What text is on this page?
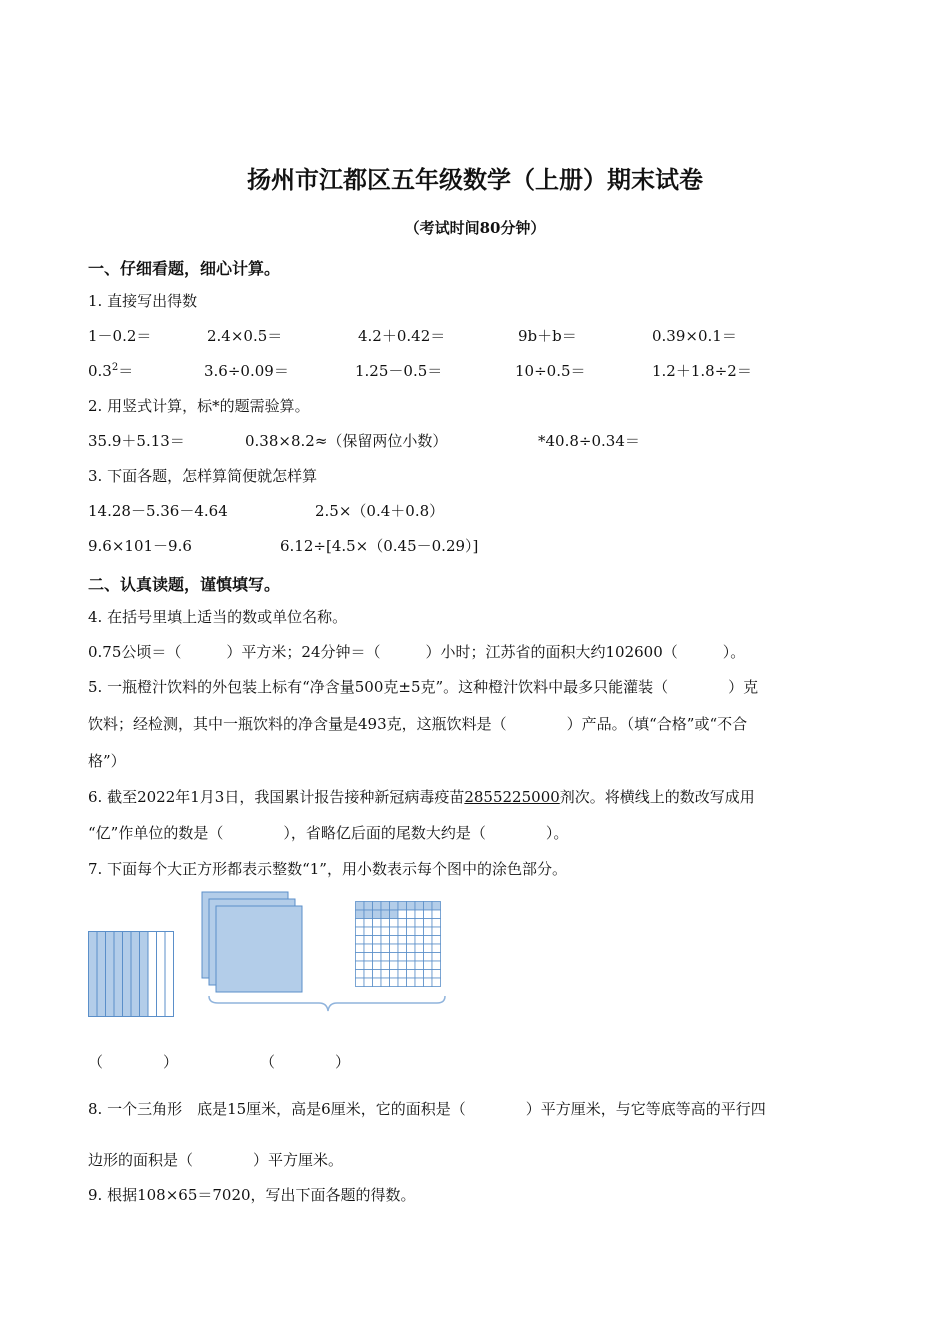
扬州市江都区五年级数学（上册）期末试卷
（考试时间80分钟）
一、仔细看题，细心计算。
1. 直接写出得数
1－0.2＝	2.4×0.5＝	4.2＋0.42＝	9b＋b＝	0.39×0.1＝
$0.3^2=$	3.6÷0.09＝	1.25－0.5＝	10÷0.5＝	1.2＋1.8÷2＝
2. 用竖式计算，标*的题需验算。
35.9＋5.13＝	0.38×8.2≈（保留两位小数）	*40.8÷0.34＝
3. 下面各题，怎样算简便就怎样算
14.28－5.36－4.64	2.5×（0.4＋0.8）
9.6×101－9.6	6.12÷[4.5×（0.45－0.29）]
二、认真读题，谨慎填写。
4. 在括号里填上适当的数或单位名称。
0.75公顷＝（　　　）平方米；24分钟＝（　　　）小时；江苏省的面积大约102600（　　　）。
5. 一瓶橙汁饮料的外包装上标有“净含量500克±5克”。这种橙汁饮料中最多只能灌装（　　　　）克
饮料；经检测，其中一瓶饮料的净含量是493克，这瓶饮料是（　　　　）产品。（填“合格”或“不合
格”）
6. 截至2022年1月3日，我国累计报告接种新冠病毒疫苗2855225000剂次。将横线上的数改写成用
“亿”作单位的数是（　　　　），省略亿后面的尾数大约是（　　　　）。
7. 下面每个大正方形都表示整数“1”，用小数表示每个图中的涂色部分。
（　　　　）	（　　　　）
8. 一个三角形　底是15厘米，高是6厘米，它的面积是（　　　　）平方厘米，与它等底等高的平行四
边形的面积是（　　　　）平方厘米。
9. 根据108×65＝7020，写出下面各题的得数。
